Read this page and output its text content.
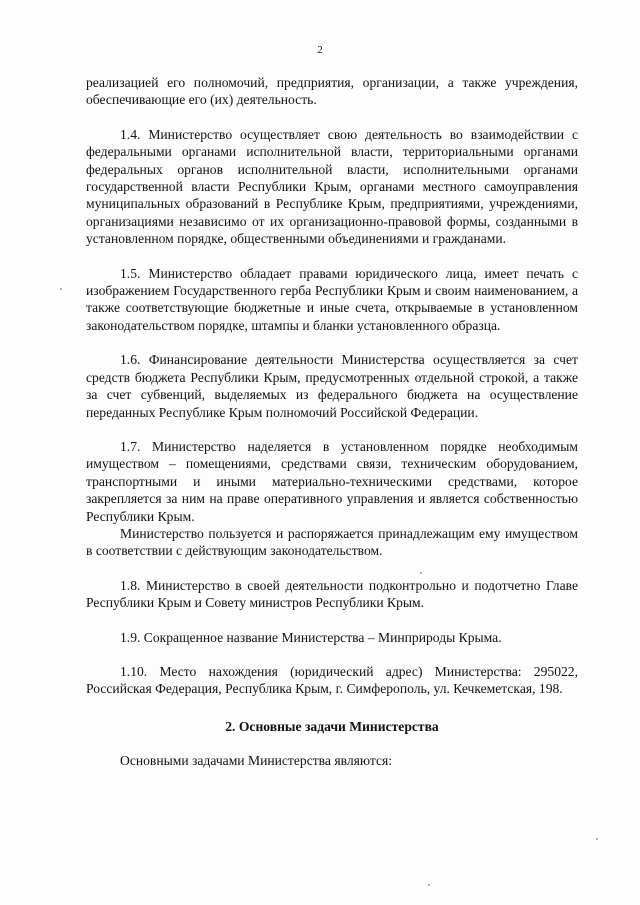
2

реализацией его полномочий, предприятия, организации, а также учреждения, обеспечивающие его (их) деятельность.

1.4. Министерство осуществляет свою деятельность во взаимодействии с федеральными органами исполнительной власти, территориальными органами федеральных органов исполнительной власти, исполнительными органами государственной власти Республики Крым, органами местного самоуправления муниципальных образований в Республике Крым, предприятиями, учреждениями, организациями независимо от их организационно-правовой формы, созданными в установленном порядке, общественными объединениями и гражданами.

1.5. Министерство обладает правами юридического лица, имеет печать с изображением Государственного герба Республики Крым и своим наименованием, а также соответствующие бюджетные и иные счета, открываемые в установленном законодательством порядке, штампы и бланки установленного образца.

1.6. Финансирование деятельности Министерства осуществляется за счет средств бюджета Республики Крым, предусмотренных отдельной строкой, а также за счет субвенций, выделяемых из федерального бюджета на осуществление переданных Республике Крым полномочий Российской Федерации.

1.7. Министерство наделяется в установленном порядке необходимым имуществом – помещениями, средствами связи, техническим оборудованием, транспортными и иными материально-техническими средствами, которое закрепляется за ним на праве оперативного управления и является собственностью Республики Крым.

Министерство пользуется и распоряжается принадлежащим ему имуществом в соответствии с действующим законодательством.

1.8. Министерство в своей деятельности подконтрольно и подотчетно Главе Республики Крым и Совету министров Республики Крым.

1.9. Сокращенное название Министерства – Минприроды Крыма.

1.10. Место нахождения (юридический адрес) Министерства: 295022, Российская Федерация, Республика Крым, г. Симферополь, ул. Кечкеметская, 198.

2. Основные задачи Министерства

Основными задачами Министерства являются:
